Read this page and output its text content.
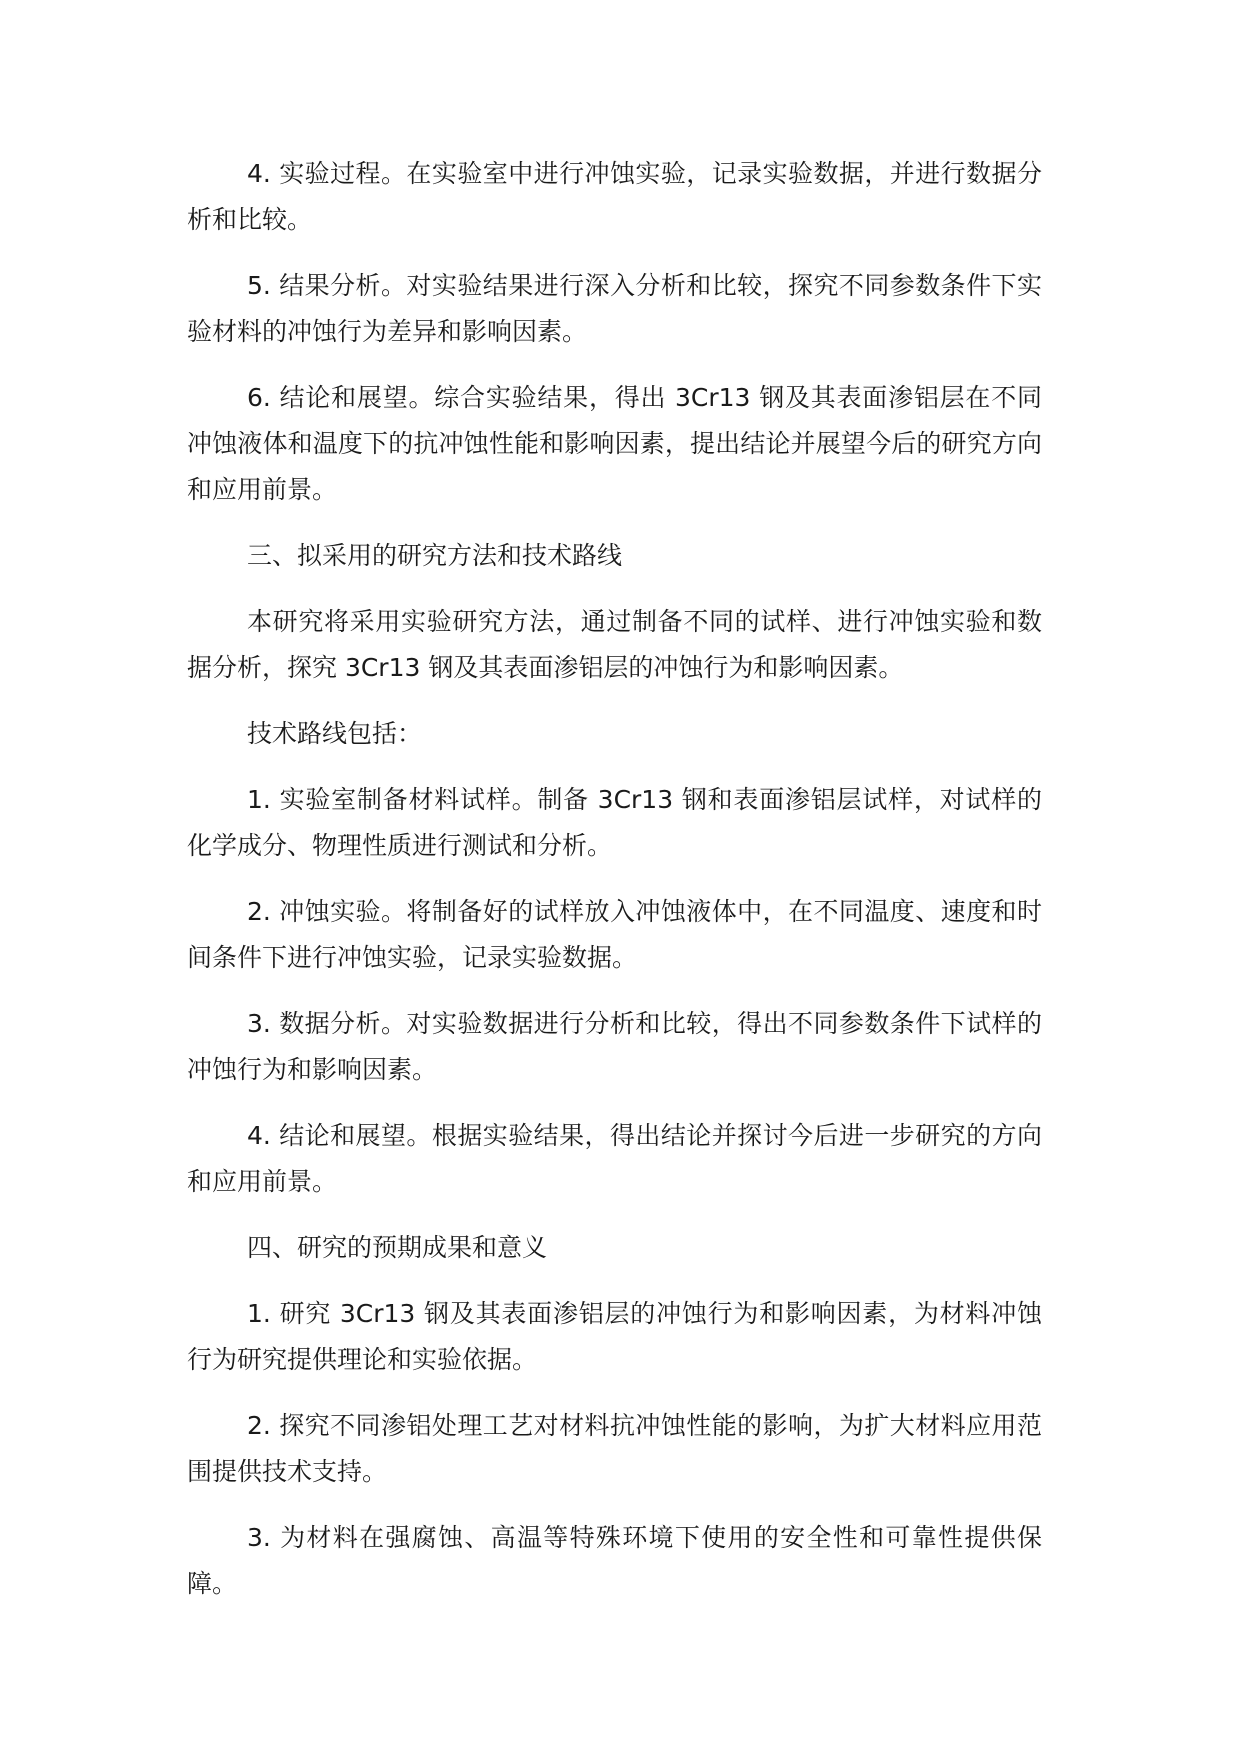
4. 实验过程。在实验室中进行冲蚀实验，记录实验数据，并进行数据分析和比较。

5. 结果分析。对实验结果进行深入分析和比较，探究不同参数条件下实验材料的冲蚀行为差异和影响因素。

6. 结论和展望。综合实验结果，得出 3Cr13 钢及其表面渗铝层在不同冲蚀液体和温度下的抗冲蚀性能和影响因素，提出结论并展望今后的研究方向和应用前景。

三、拟采用的研究方法和技术路线

本研究将采用实验研究方法，通过制备不同的试样、进行冲蚀实验和数据分析，探究 3Cr13 钢及其表面渗铝层的冲蚀行为和影响因素。

技术路线包括：

1. 实验室制备材料试样。制备 3Cr13 钢和表面渗铝层试样，对试样的化学成分、物理性质进行测试和分析。

2. 冲蚀实验。将制备好的试样放入冲蚀液体中，在不同温度、速度和时间条件下进行冲蚀实验，记录实验数据。

3. 数据分析。对实验数据进行分析和比较，得出不同参数条件下试样的冲蚀行为和影响因素。

4. 结论和展望。根据实验结果，得出结论并探讨今后进一步研究的方向和应用前景。

四、研究的预期成果和意义

1. 研究 3Cr13 钢及其表面渗铝层的冲蚀行为和影响因素，为材料冲蚀行为研究提供理论和实验依据。

2. 探究不同渗铝处理工艺对材料抗冲蚀性能的影响，为扩大材料应用范围提供技术支持。

3. 为材料在强腐蚀、高温等特殊环境下使用的安全性和可靠性提供保障。
